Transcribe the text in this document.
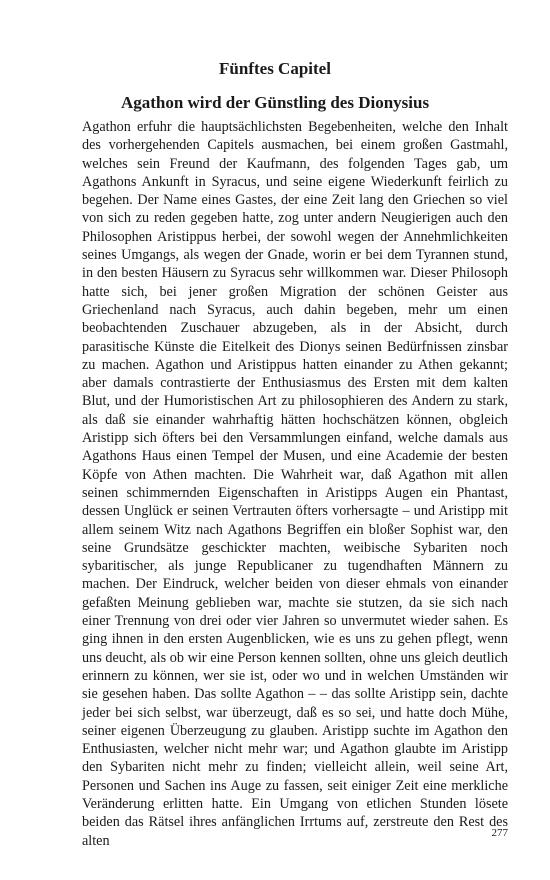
Fünftes Capitel
Agathon wird der Günstling des Dionysius

Agathon erfuhr die hauptsächlichsten Begebenheiten, welche den Inhalt des vorhergehenden Capitels ausmachen, bei einem großen Gastmahl, welches sein Freund der Kaufmann, des folgenden Tages gab, um Agathons Ankunft in Syracus, und seine eigene Wiederkunft feirlich zu begehen. Der Name eines Gastes, der eine Zeit lang den Griechen so viel von sich zu reden gegeben hatte, zog unter andern Neugierigen auch den Philosophen Aristippus herbei, der sowohl wegen der Annehmlichkeiten seines Umgangs, als wegen der Gnade, worin er bei dem Tyrannen stund, in den besten Häusern zu Syracus sehr willkommen war. Dieser Philosoph hatte sich, bei jener großen Migration der schönen Geister aus Griechenland nach Syracus, auch dahin begeben, mehr um einen beobachtenden Zuschauer abzugeben, als in der Absicht, durch parasitische Künste die Eitelkeit des Dionys seinen Bedürfnissen zinsbar zu machen. Agathon und Aristippus hatten einander zu Athen gekannt; aber damals contrastierte der Enthusiasmus des Ersten mit dem kalten Blut, und der Humoristischen Art zu philosophieren des Andern zu stark, als daß sie einander wahrhaftig hätten hochschätzen können, obgleich Aristipp sich öfters bei den Versammlungen einfand, welche damals aus Agathons Haus einen Tempel der Musen, und eine Academie der besten Köpfe von Athen machten. Die Wahrheit war, daß Agathon mit allen seinen schimmernden Eigenschaften in Aristipps Augen ein Phantast, dessen Unglück er seinen Vertrauten öfters vorhersagte – und Aristipp mit allem seinem Witz nach Agathons Begriffen ein bloßer Sophist war, den seine Grundsätze geschickter machten, weibische Sybariten noch sybaritischer, als junge Republicaner zu tugendhaften Männern zu machen. Der Eindruck, welcher beiden von dieser ehmals von einander gefaßten Meinung geblieben war, machte sie stutzen, da sie sich nach einer Trennung von drei oder vier Jahren so unvermutet wieder sahen. Es ging ihnen in den ersten Augenblicken, wie es uns zu gehen pflegt, wenn uns deucht, als ob wir eine Person kennen sollten, ohne uns gleich deutlich erinnern zu können, wer sie ist, oder wo und in welchen Umständen wir sie gesehen haben. Das sollte Agathon – – das sollte Aristipp sein, dachte jeder bei sich selbst, war überzeugt, daß es so sei, und hatte doch Mühe, seiner eigenen Überzeugung zu glauben. Aristipp suchte im Agathon den Enthusiasten, welcher nicht mehr war; und Agathon glaubte im Aristipp den Sybariten nicht mehr zu finden; vielleicht allein, weil seine Art, Personen und Sachen ins Auge zu fassen, seit einiger Zeit eine merkliche Veränderung erlitten hatte. Ein Umgang von etlichen Stunden lösete beiden das Rätsel ihres anfänglichen Irrtums auf, zerstreute den Rest des alten	277
